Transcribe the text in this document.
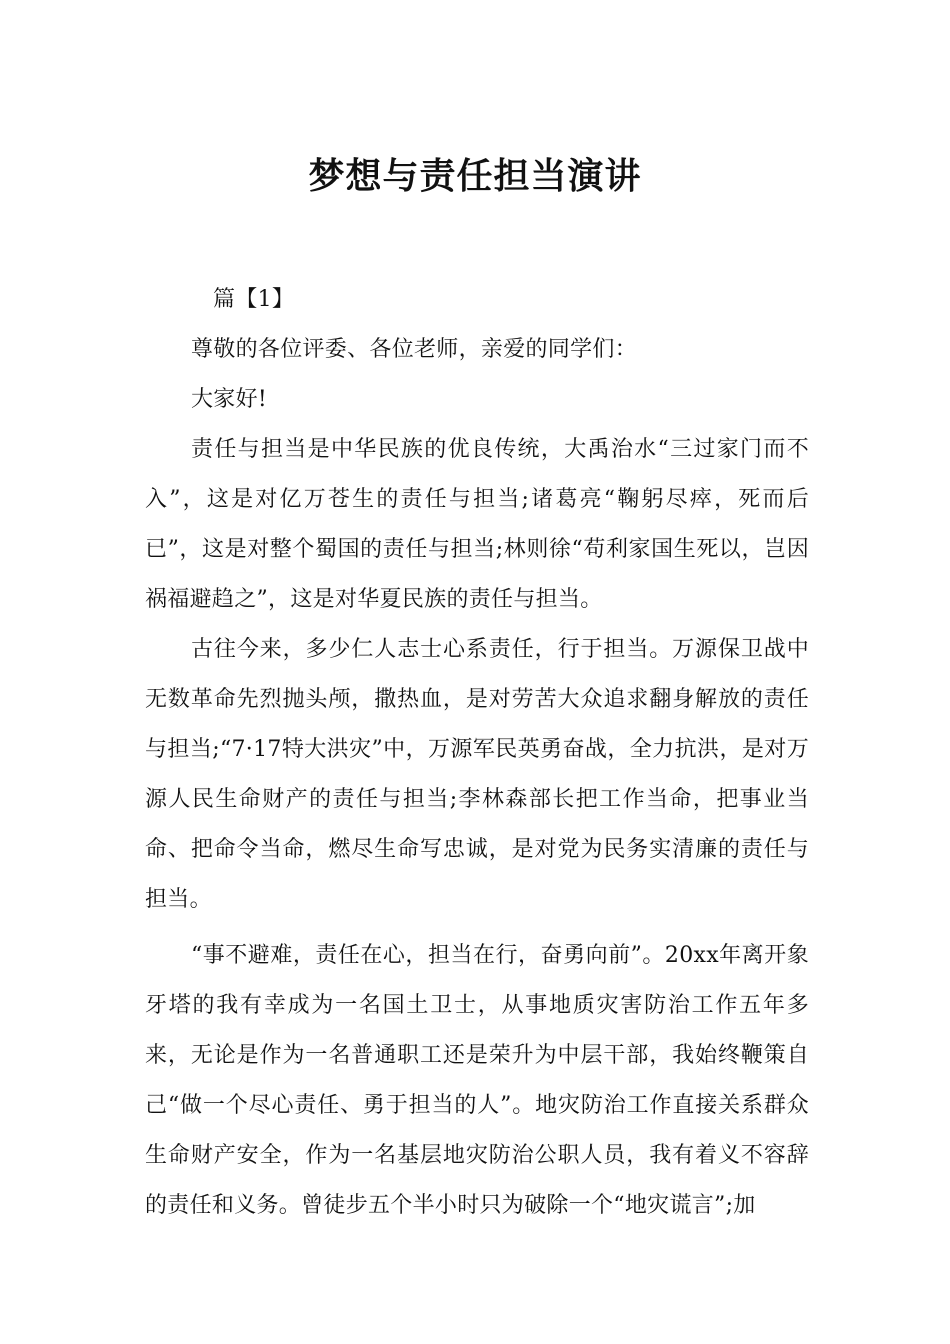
梦想与责任担当演讲

篇【1】

尊敬的各位评委、各位老师，亲爱的同学们：

大家好!

责任与担当是中华民族的优良传统，大禹治水“三过家门而不入”，这是对亿万苍生的责任与担当;诸葛亮“鞠躬尽瘁，死而后已”，这是对整个蜀国的责任与担当;林则徐“苟利家国生死以，岂因祸福避趋之”，这是对华夏民族的责任与担当。

古往今来，多少仁人志士心系责任，行于担当。万源保卫战中无数革命先烈抛头颅，撒热血，是对劳苦大众追求翻身解放的责任与担当;“7·17特大洪灾”中，万源军民英勇奋战，全力抗洪，是对万源人民生命财产的责任与担当;李林森部长把工作当命，把事业当命、把命令当命，燃尽生命写忠诚，是对党为民务实清廉的责任与担当。

“事不避难，责任在心，担当在行，奋勇向前”。20xx年离开象牙塔的我有幸成为一名国土卫士，从事地质灾害防治工作五年多来，无论是作为一名普通职工还是荣升为中层干部，我始终鞭策自己“做一个尽心责任、勇于担当的人”。地灾防治工作直接关系群众生命财产安全，作为一名基层地灾防治公职人员，我有着义不容辞的责任和义务。曾徒步五个半小时只为破除一个“地灾谎言”;加
